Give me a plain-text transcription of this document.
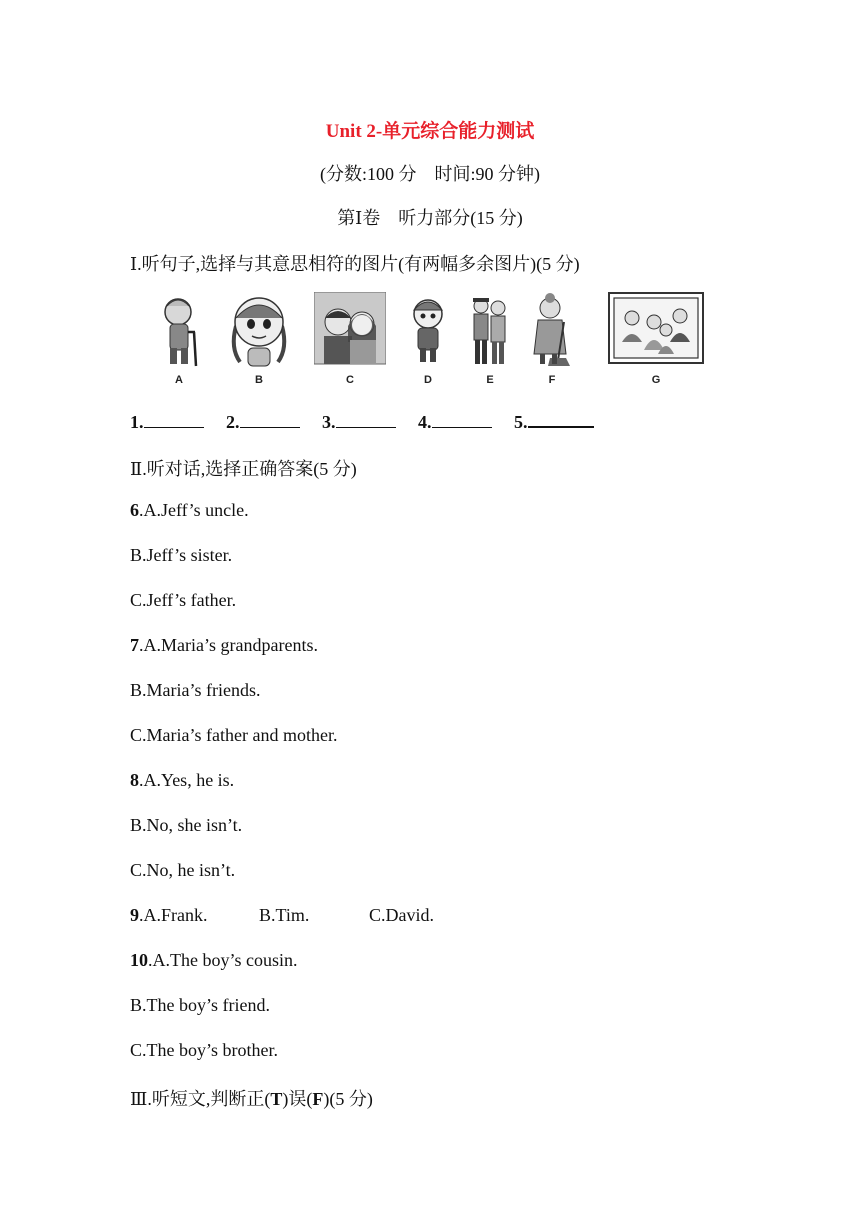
Unit 2-单元综合能力测试
(分数:100 分　时间:90 分钟)
第Ⅰ卷　听力部分(15 分)
Ⅰ.听句子,选择与其意思相符的图片(有两幅多余图片)(5 分)
A	B	C	D	E	F	G
1.	2.	3.	4.	5.
Ⅱ.听对话,选择正确答案(5 分)
6.A.Jeff’s uncle.
B.Jeff’s sister.
C.Jeff’s father.
7.A.Maria’s grandparents.
B.Maria’s friends.
C.Maria’s father and mother.
8.A.Yes, he is.
B.No, she isn’t.
C.No, he isn’t.
9.A.Frank.	B.Tim.	C.David.
10.A.The boy’s cousin.
B.The boy’s friend.
C.The boy’s brother.
Ⅲ.听短文,判断正(T)误(F)(5 分)
